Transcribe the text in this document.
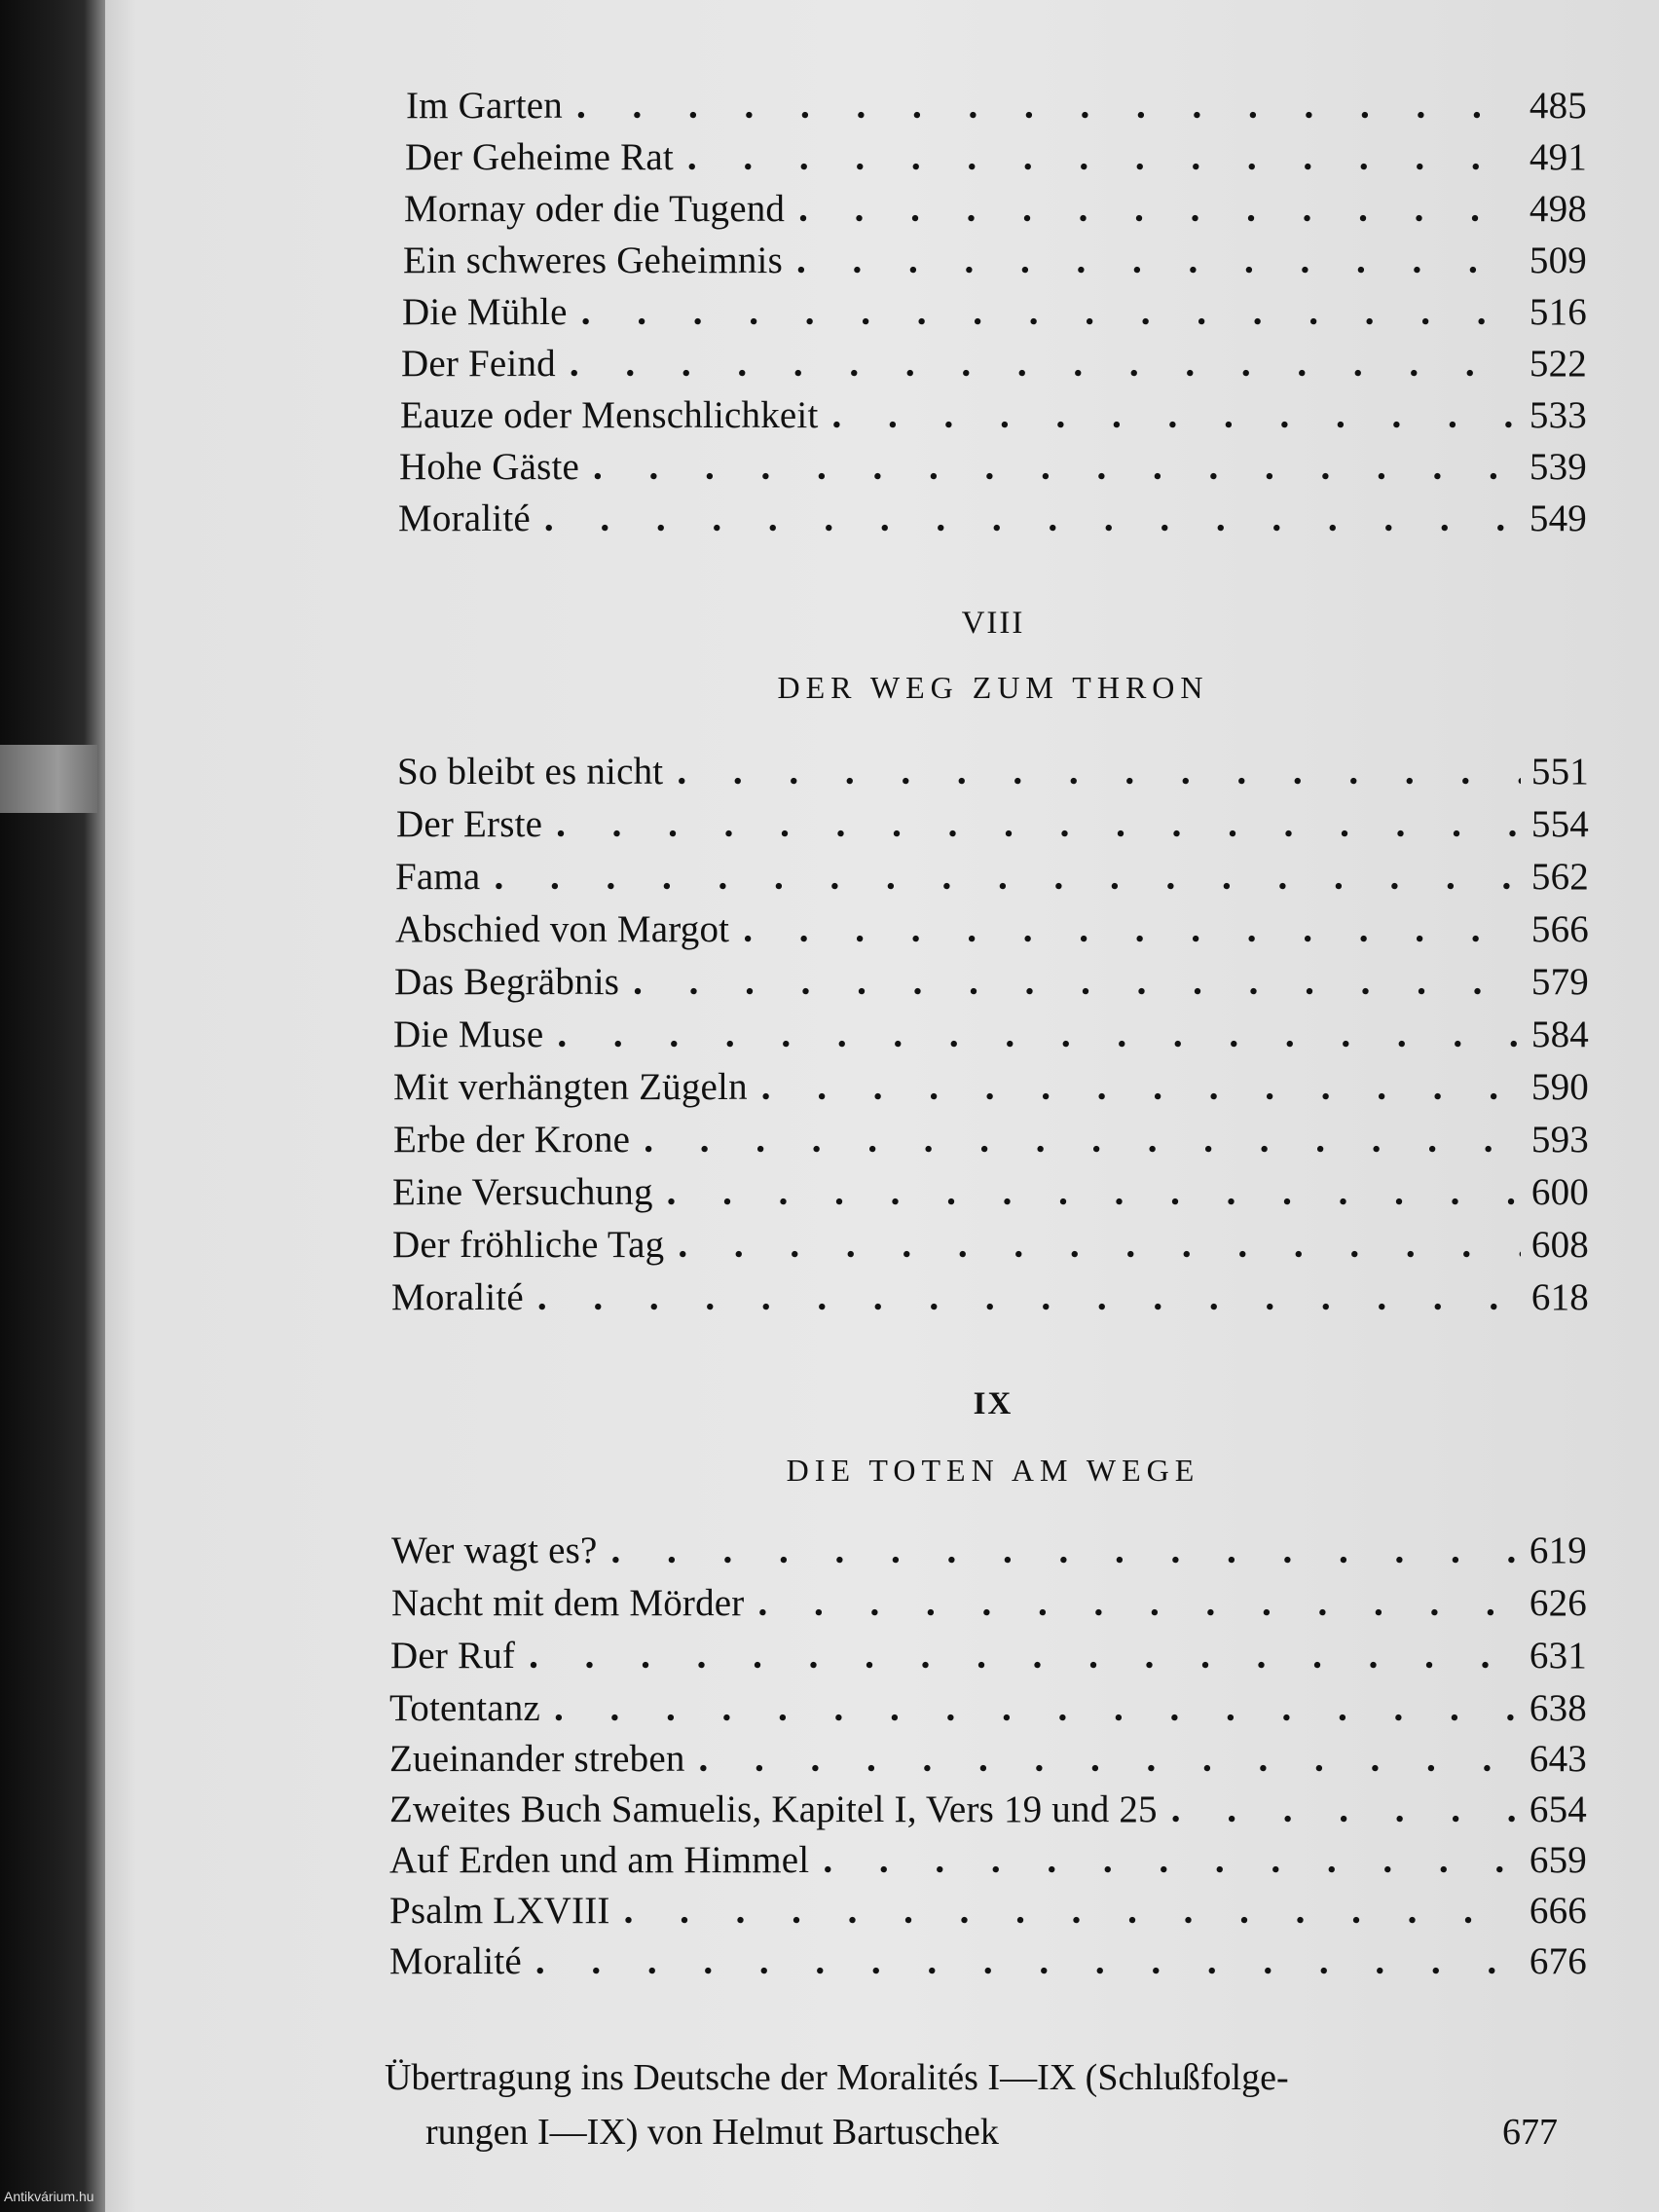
Im Garten . . .	485
Der Geheime Rat . . .	491
Mornay oder die Tugend . . .	498
Ein schweres Geheimnis . . .	509
Die Mühle . . .	516
Der Feind . . .	522
Eauze oder Menschlichkeit . . .	533
Hohe Gäste . . .	539
Moralité . . .	549
VIII
DER WEG ZUM THRON
So bleibt es nicht . . .	551
Der Erste . . .	554
Fama . . .	562
Abschied von Margot . . .	566
Das Begräbnis . . .	579
Die Muse . . .	584
Mit verhängten Zügeln . . .	590
Erbe der Krone . . .	593
Eine Versuchung . . .	600
Der fröhliche Tag . . .	608
Moralité . . .	618
IX
DIE TOTEN AM WEGE
Wer wagt es? . . .	619
Nacht mit dem Mörder . . .	626
Der Ruf . . .	631
Totentanz . . .	638
Zueinander streben . . .	643
Zweites Buch Samuelis, Kapitel I, Vers 19 und 25 . . .	654
Auf Erden und am Himmel . . .	659
Psalm LXVIII . . .	666
Moralité . . .	676
Übertragung ins Deutsche der Moralités I—IX (Schlußfolge-
rungen I—IX) von Helmut Bartuschek	677
Antikvárium.hu
